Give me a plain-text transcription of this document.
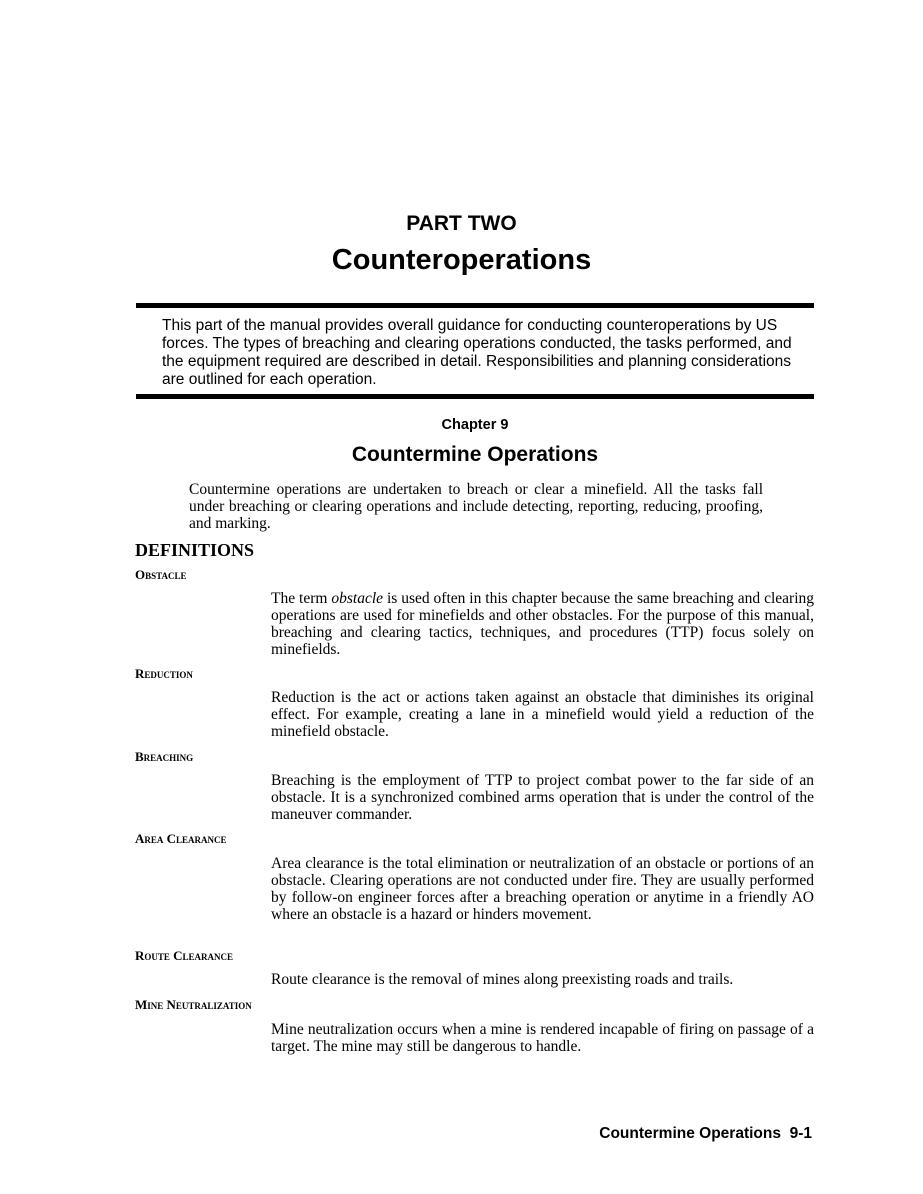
PART TWO
Counteroperations
This part of the manual provides overall guidance for conducting counteroperations by US forces. The types of breaching and clearing operations conducted, the tasks performed, and the equipment required are described in detail. Responsibilities and planning considerations are outlined for each operation.
Chapter 9
Countermine Operations
Countermine operations are undertaken to breach or clear a minefield. All the tasks fall under breaching or clearing operations and include detecting, reporting, reducing, proofing, and marking.
DEFINITIONS
Obstacle
The term obstacle is used often in this chapter because the same breaching and clearing operations are used for minefields and other obstacles. For the purpose of this manual, breaching and clearing tactics, techniques, and procedures (TTP) focus solely on minefields.
Reduction
Reduction is the act or actions taken against an obstacle that diminishes its original effect. For example, creating a lane in a minefield would yield a reduction of the minefield obstacle.
Breaching
Breaching is the employment of TTP to project combat power to the far side of an obstacle. It is a synchronized combined arms operation that is under the control of the maneuver commander.
Area Clearance
Area clearance is the total elimination or neutralization of an obstacle or portions of an obstacle. Clearing operations are not conducted under fire. They are usually performed by follow-on engineer forces after a breaching operation or anytime in a friendly AO where an obstacle is a hazard or hinders movement.
Route Clearance
Route clearance is the removal of mines along preexisting roads and trails.
Mine Neutralization
Mine neutralization occurs when a mine is rendered incapable of firing on passage of a target. The mine may still be dangerous to handle.
Countermine Operations  9-1
